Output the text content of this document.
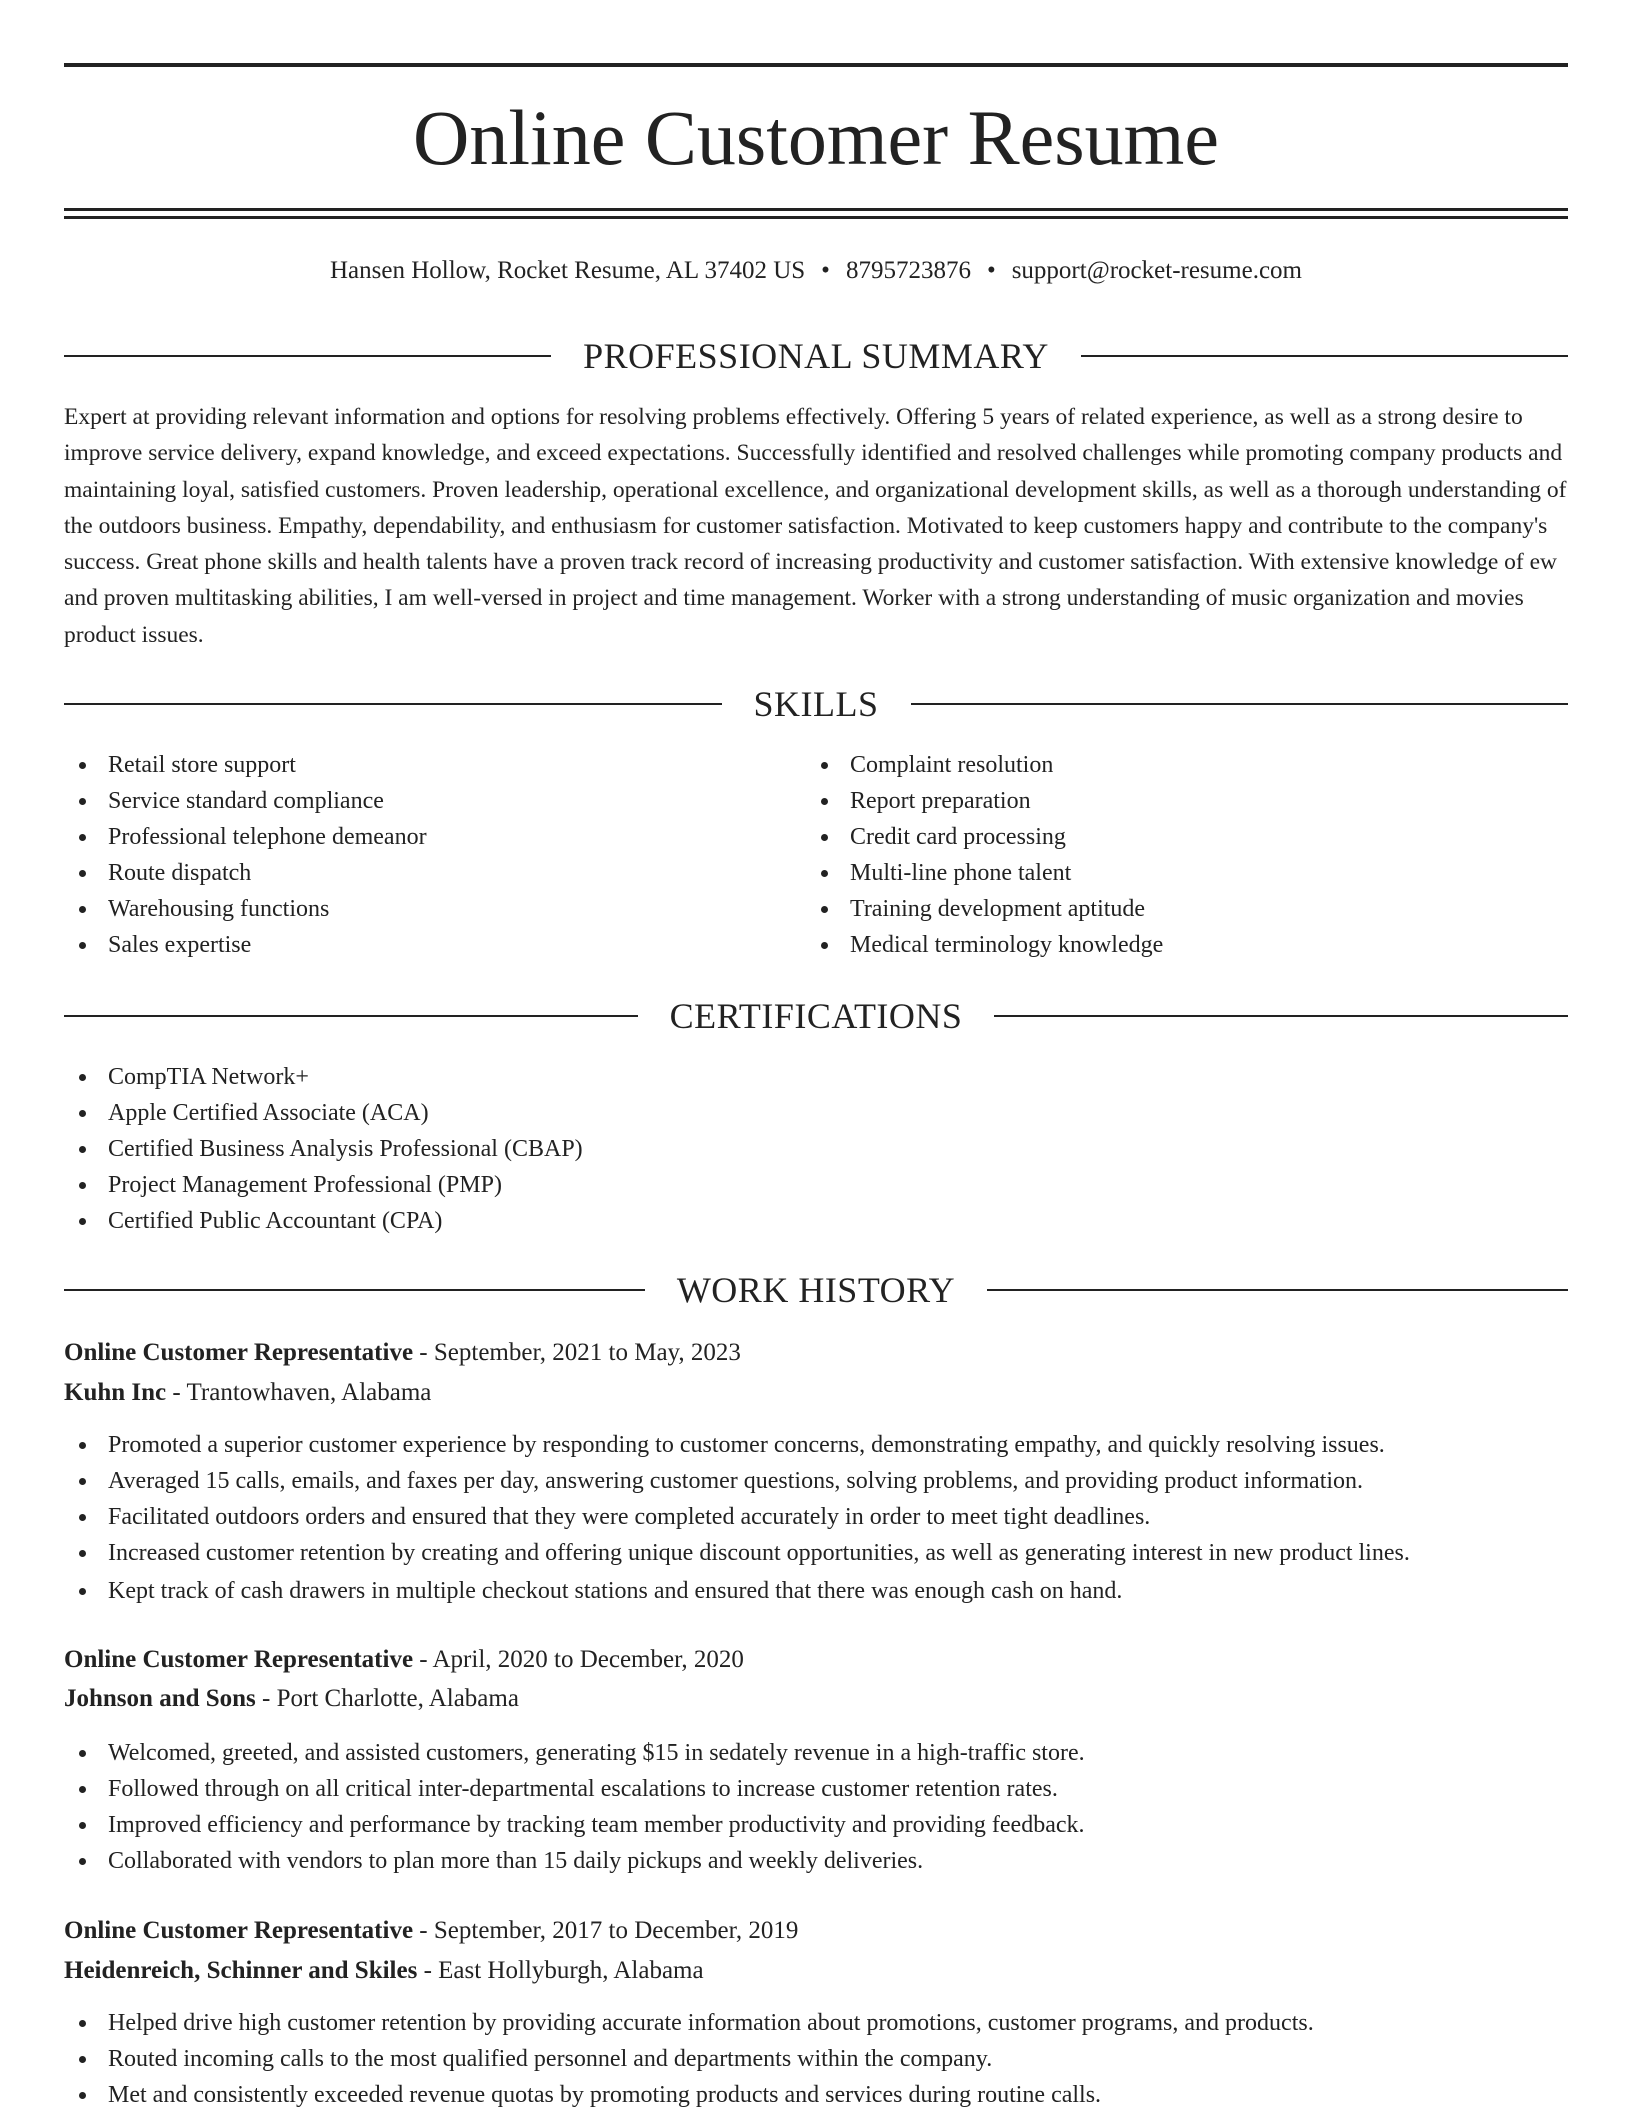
Online Customer Resume
Hansen Hollow, Rocket Resume, AL 37402 US • 8795723876 • support@rocket-resume.com
PROFESSIONAL SUMMARY

Expert at providing relevant information and options for resolving problems effectively. Offering 5 years of related experience, as well as a strong desire to improve service delivery, expand knowledge, and exceed expectations. Successfully identified and resolved challenges while promoting company products and maintaining loyal, satisfied customers. Proven leadership, operational excellence, and organizational development skills, as well as a thorough understanding of the outdoors business. Empathy, dependability, and enthusiasm for customer satisfaction. Motivated to keep customers happy and contribute to the company's success. Great phone skills and health talents have a proven track record of increasing productivity and customer satisfaction. With extensive knowledge of ew and proven multitasking abilities, I am well-versed in project and time management. Worker with a strong understanding of music organization and movies product issues.

SKILLS
Retail store support
Service standard compliance
Professional telephone demeanor
Route dispatch
Warehousing functions
Sales expertise
Complaint resolution
Report preparation
Credit card processing
Multi-line phone talent
Training development aptitude
Medical terminology knowledge
CERTIFICATIONS
CompTIA Network+
Apple Certified Associate (ACA)
Certified Business Analysis Professional (CBAP)
Project Management Professional (PMP)
Certified Public Accountant (CPA)
WORK HISTORY
Online Customer Representative - September, 2021 to May, 2023
Kuhn Inc - Trantowhaven, Alabama
Promoted a superior customer experience by responding to customer concerns, demonstrating empathy, and quickly resolving issues.
Averaged 15 calls, emails, and faxes per day, answering customer questions, solving problems, and providing product information.
Facilitated outdoors orders and ensured that they were completed accurately in order to meet tight deadlines.
Increased customer retention by creating and offering unique discount opportunities, as well as generating interest in new product lines.
Kept track of cash drawers in multiple checkout stations and ensured that there was enough cash on hand.
Online Customer Representative - April, 2020 to December, 2020
Johnson and Sons - Port Charlotte, Alabama
Welcomed, greeted, and assisted customers, generating $15 in sedately revenue in a high-traffic store.
Followed through on all critical inter-departmental escalations to increase customer retention rates.
Improved efficiency and performance by tracking team member productivity and providing feedback.
Collaborated with vendors to plan more than 15 daily pickups and weekly deliveries.
Online Customer Representative - September, 2017 to December, 2019
Heidenreich, Schinner and Skiles - East Hollyburgh, Alabama
Helped drive high customer retention by providing accurate information about promotions, customer programs, and products.
Routed incoming calls to the most qualified personnel and departments within the company.
Met and consistently exceeded revenue quotas by promoting products and services during routine calls.
